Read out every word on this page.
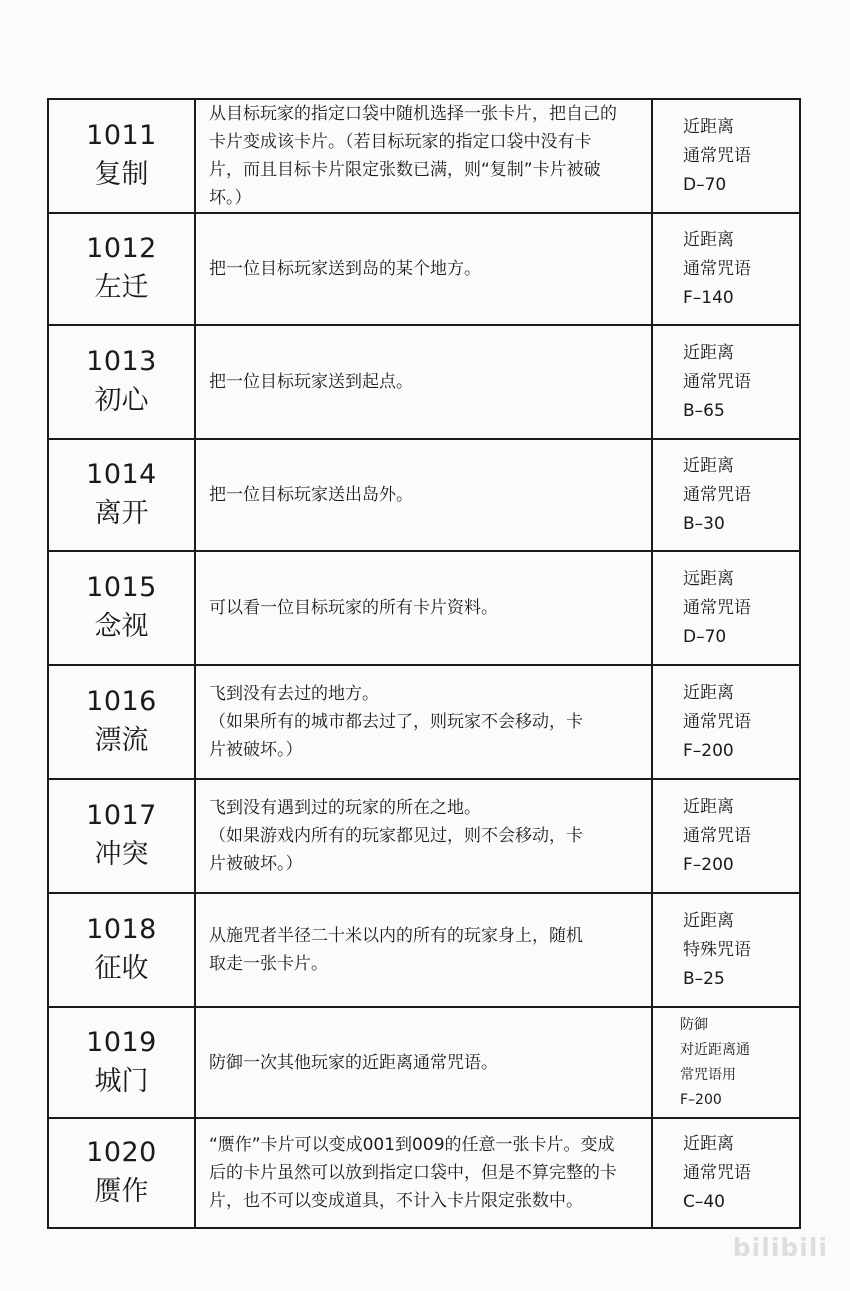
1011
复制	从目标玩家的指定口袋中随机选择一张卡片，把自己的
卡片变成该卡片。（若目标玩家的指定口袋中没有卡
片，而且目标卡片限定张数已满，则“复制”卡片被破
坏。）	近距离
通常咒语
D–70

1012
左迁	把一位目标玩家送到岛的某个地方。	近距离
通常咒语
F–140

1013
初心	把一位目标玩家送到起点。	近距离
通常咒语
B–65

1014
离开	把一位目标玩家送出岛外。	近距离
通常咒语
B–30

1015
念视	可以看一位目标玩家的所有卡片资料。	远距离
通常咒语
D–70

1016
漂流	飞到没有去过的地方。
（如果所有的城市都去过了，则玩家不会移动，卡
片被破坏。）	近距离
通常咒语
F–200

1017
冲突	飞到没有遇到过的玩家的所在之地。
（如果游戏内所有的玩家都见过，则不会移动，卡
片被破坏。）	近距离
通常咒语
F–200

1018
征收	从施咒者半径二十米以内的所有的玩家身上，随机
取走一张卡片。	近距离
特殊咒语
B–25

1019
城门	防御一次其他玩家的近距离通常咒语。	防御
对近距离通
常咒语用
F–200

1020
赝作	“赝作”卡片可以变成001到009的任意一张卡片。变成
后的卡片虽然可以放到指定口袋中，但是不算完整的卡
片，也不可以变成道具，不计入卡片限定张数中。	近距离
通常咒语
C–40
bilibili
